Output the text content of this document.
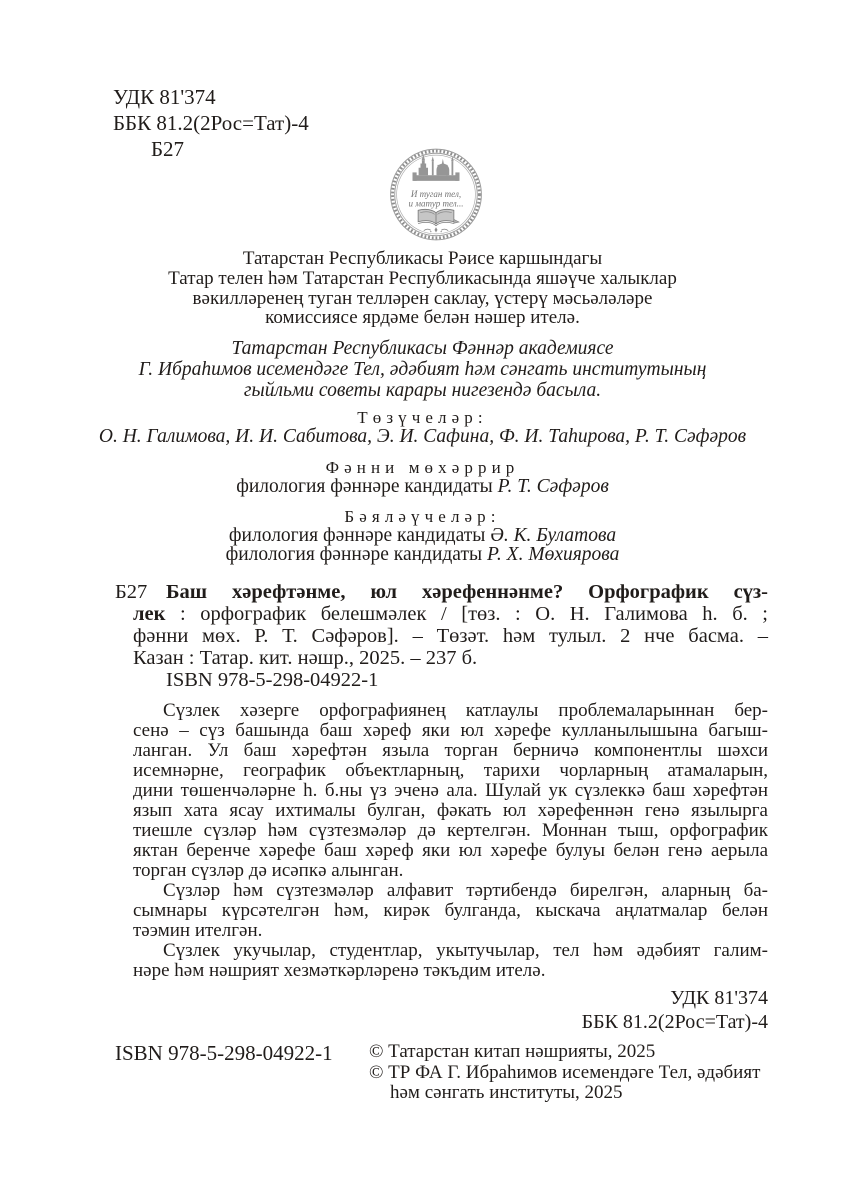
УДК 81'374
ББК 81.2(2Рос=Тат)-4
Б27
И туган тел,
и матур тел...
Татарстан Республикасы Рәисе каршындагы
Татар телен һәм Татарстан Республикасында яшәүче халыклар
вәкилләренең туган телләрен саклау, үстерү мәсьәләләре
комиссиясе ярдәме белән нәшер ителә.
Татарстан Республикасы Фәннәр академиясе
Г. Ибраһимов исемендәге Тел, әдәбият һәм сәнгать институтының
гыйльми советы карары нигезендә басыла.
Төзүчеләр:
О. Н. Галимова, И. И. Сабитова, Э. И. Сафина, Ф. И. Таһирова, Р. Т. Сәфәров
Фәнни мөхәррир
филология фәннәре кандидаты Р. Т. Сәфәров
Бәяләүчеләр:
филология фәннәре кандидаты Ә. К. Булатова
филология фәннәре кандидаты Р. Х. Мөхиярова
Б27 Баш хәрефтәнме, юл хәрефеннәнме? Орфографик сүз-
лек : орфографик белешмәлек / [төз. : О. Н. Галимова һ. б. ;
фәнни мөх. Р. Т. Сәфәров]. – Төзәт. һәм тулыл. 2 нче басма. –
Казан : Татар. кит. нәшр., 2025. – 237 б.
ISBN 978-5-298-04922-1
Сүзлек хәзерге орфографиянең катлаулы проблемаларыннан бер-
сенә – сүз башында баш хәреф яки юл хәрефе кулланылышына багыш-
ланган. Ул баш хәрефтән языла торган берничә компонентлы шәхси
исемнәрне, географик объектларның, тарихи чорларның атамаларын,
дини төшенчәләрне һ. б.ны үз эченә ала. Шулай ук сүзлеккә баш хәрефтән
язып хата ясау ихтималы булган, фәкать юл хәрефеннән генә язылырга
тиешле сүзләр һәм сүзтезмәләр дә кертелгән. Моннан тыш, орфографик
яктан беренче хәрефе баш хәреф яки юл хәрефе булуы белән генә аерыла
торган сүзләр дә исәпкә алынган.
Сүзләр һәм сүзтезмәләр алфавит тәртибендә бирелгән, аларның ба-
сымнары күрсәтелгән һәм, кирәк булганда, кыскача аңлатмалар белән
тәэмин ителгән.
Сүзлек укучылар, студентлар, укытучылар, тел һәм әдәбият галим-
нәре һәм нәшрият хезмәткәрләренә тәкъдим ителә.
УДК 81'374
ББК 81.2(2Рос=Тат)-4
ISBN 978-5-298-04922-1 © Татарстан китап нәшрияты, 2025
© ТР ФА Г. Ибраһимов исемендәге Тел, әдәбият
һәм сәнгать институты, 2025
